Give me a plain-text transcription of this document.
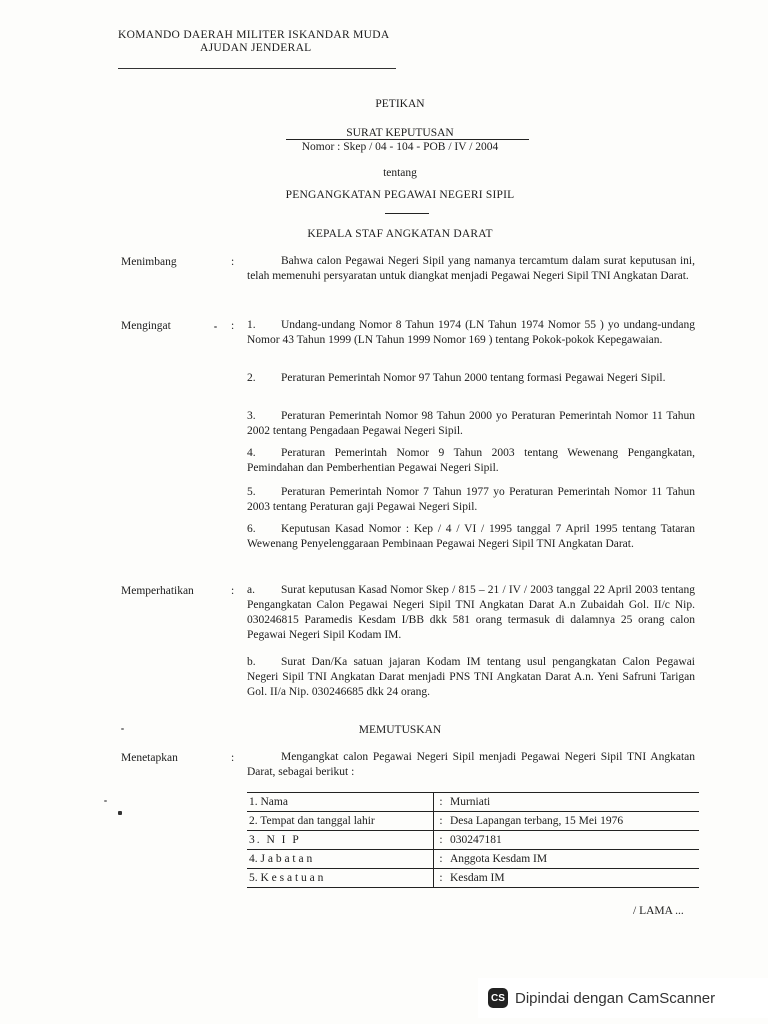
KOMANDO DAERAH MILITER ISKANDAR MUDA
AJUDAN JENDERAL
PETIKAN
SURAT KEPUTUSAN
Nomor : Skep / 04 - 104 - POB / IV / 2004
tentang
PENGANGKATAN PEGAWAI NEGERI SIPIL
KEPALA STAF ANGKATAN DARAT
Menimbang	:	Bahwa calon Pegawai Negeri Sipil yang namanya tercamtum dalam surat keputusan ini, telah memenuhi persyaratan untuk diangkat menjadi Pegawai Negeri Sipil TNI Angkatan Darat.
Mengingat	: 1. Undang-undang Nomor 8 Tahun 1974 (LN Tahun 1974 Nomor 55 ) yo undang-undang Nomor 43 Tahun 1999 (LN Tahun 1999 Nomor 169 ) tentang Pokok-pokok Kepegawaian.
2. Peraturan Pemerintah Nomor 97 Tahun 2000 tentang formasi Pegawai Negeri Sipil.
3. Peraturan Pemerintah Nomor 98 Tahun 2000 yo Peraturan Pemerintah Nomor 11 Tahun 2002 tentang Pengadaan Pegawai Negeri Sipil.
4. Peraturan Pemerintah Nomor 9 Tahun 2003 tentang Wewenang Pengangkatan, Pemindahan dan Pemberhentian Pegawai Negeri Sipil.
5. Peraturan Pemerintah Nomor 7 Tahun 1977 yo Peraturan Pemerintah Nomor 11 Tahun 2003 tentang Peraturan gaji Pegawai Negeri Sipil.
6. Keputusan Kasad Nomor : Kep / 4 / VI / 1995 tanggal 7 April 1995 tentang Tataran Wewenang Penyelenggaraan Pembinaan Pegawai Negeri Sipil TNI Angkatan Darat.
Memperhatikan	: a. Surat keputusan Kasad Nomor Skep / 815 – 21 / IV / 2003 tanggal 22 April 2003 tentang Pengangkatan Calon Pegawai Negeri Sipil TNI Angkatan Darat A.n Zubaidah Gol. II/c Nip. 030246815 Paramedis Kesdam I/BB dkk 581 orang termasuk di dalamnya 25 orang calon Pegawai Negeri Sipil Kodam IM.
b. Surat Dan/Ka satuan jajaran Kodam IM tentang usul pengangkatan Calon Pegawai Negeri Sipil TNI Angkatan Darat menjadi PNS TNI Angkatan Darat A.n. Yeni Safruni Tarigan Gol. II/a Nip. 030246685 dkk 24 orang.
MEMUTUSKAN
Menetapkan	:	Mengangkat calon Pegawai Negeri Sipil menjadi Pegawai Negeri Sipil TNI Angkatan Darat, sebagai berikut :
1. Nama	:	Murniati
2. Tempat dan tanggal lahir	:	Desa Lapangan terbang, 15 Mei 1976
3. N I P	:	030247181
4. J a b a t a n	:	Anggota Kesdam IM
5. K e s a t u a n	:	Kesdam IM
/ LAMA ...
CS Dipindai dengan CamScanner
